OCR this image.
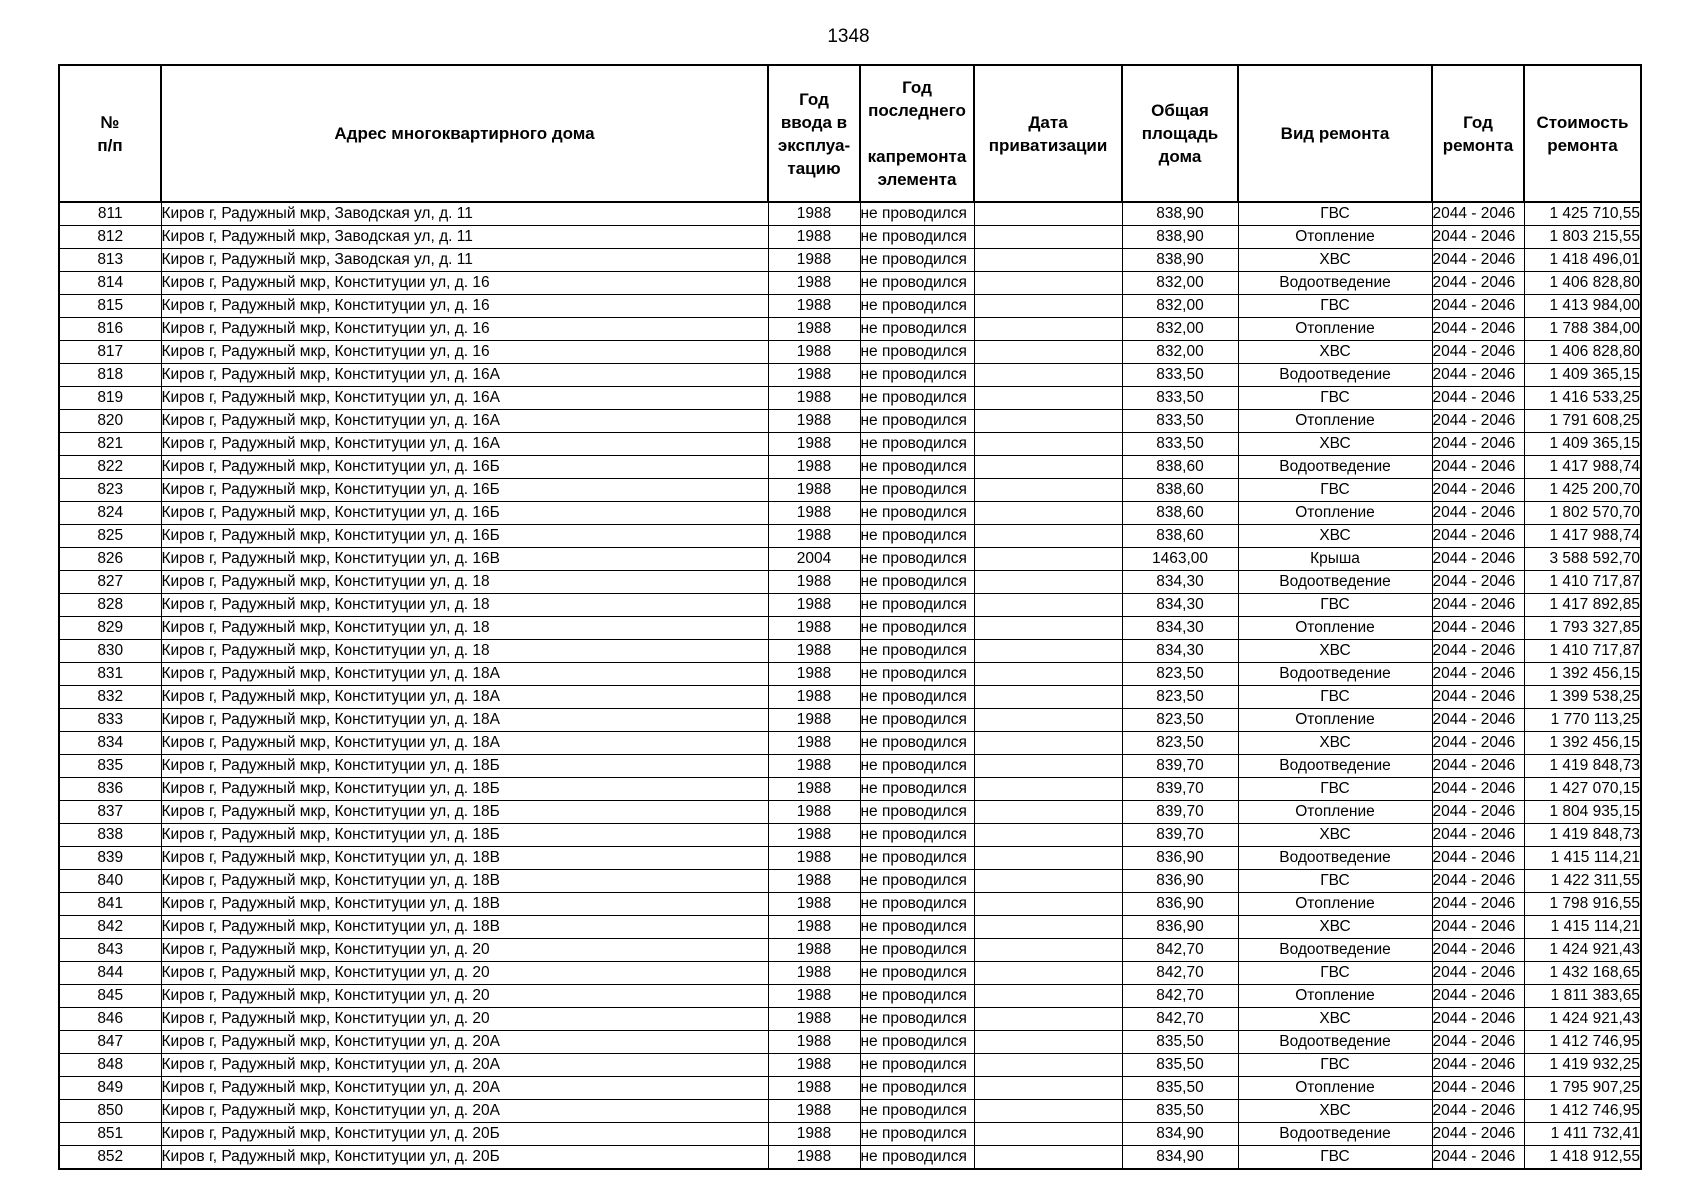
1348
№
п/п	Адрес многоквартирного дома	Год
ввода в
эксплуа-
тацию	Год
последнего

капремонта
элемента	Дата
приватизации	Общая
площадь
дома	Вид ремонта	Год
ремонта	Стоимость
ремонта

811	Киров г, Радужный мкр, Заводская ул, д. 11	1988	не проводился		838,90	ГВС	2044 - 2046	1 425 710,55
812	Киров г, Радужный мкр, Заводская ул, д. 11	1988	не проводился		838,90	Отопление	2044 - 2046	1 803 215,55
813	Киров г, Радужный мкр, Заводская ул, д. 11	1988	не проводился		838,90	ХВС	2044 - 2046	1 418 496,01
814	Киров г, Радужный мкр, Конституции ул, д. 16	1988	не проводился		832,00	Водоотведение	2044 - 2046	1 406 828,80
815	Киров г, Радужный мкр, Конституции ул, д. 16	1988	не проводился		832,00	ГВС	2044 - 2046	1 413 984,00
816	Киров г, Радужный мкр, Конституции ул, д. 16	1988	не проводился		832,00	Отопление	2044 - 2046	1 788 384,00
817	Киров г, Радужный мкр, Конституции ул, д. 16	1988	не проводился		832,00	ХВС	2044 - 2046	1 406 828,80
818	Киров г, Радужный мкр, Конституции ул, д. 16А	1988	не проводился		833,50	Водоотведение	2044 - 2046	1 409 365,15
819	Киров г, Радужный мкр, Конституции ул, д. 16А	1988	не проводился		833,50	ГВС	2044 - 2046	1 416 533,25
820	Киров г, Радужный мкр, Конституции ул, д. 16А	1988	не проводился		833,50	Отопление	2044 - 2046	1 791 608,25
821	Киров г, Радужный мкр, Конституции ул, д. 16А	1988	не проводился		833,50	ХВС	2044 - 2046	1 409 365,15
822	Киров г, Радужный мкр, Конституции ул, д. 16Б	1988	не проводился		838,60	Водоотведение	2044 - 2046	1 417 988,74
823	Киров г, Радужный мкр, Конституции ул, д. 16Б	1988	не проводился		838,60	ГВС	2044 - 2046	1 425 200,70
824	Киров г, Радужный мкр, Конституции ул, д. 16Б	1988	не проводился		838,60	Отопление	2044 - 2046	1 802 570,70
825	Киров г, Радужный мкр, Конституции ул, д. 16Б	1988	не проводился		838,60	ХВС	2044 - 2046	1 417 988,74
826	Киров г, Радужный мкр, Конституции ул, д. 16В	2004	не проводился		1463,00	Крыша	2044 - 2046	3 588 592,70
827	Киров г, Радужный мкр, Конституции ул, д. 18	1988	не проводился		834,30	Водоотведение	2044 - 2046	1 410 717,87
828	Киров г, Радужный мкр, Конституции ул, д. 18	1988	не проводился		834,30	ГВС	2044 - 2046	1 417 892,85
829	Киров г, Радужный мкр, Конституции ул, д. 18	1988	не проводился		834,30	Отопление	2044 - 2046	1 793 327,85
830	Киров г, Радужный мкр, Конституции ул, д. 18	1988	не проводился		834,30	ХВС	2044 - 2046	1 410 717,87
831	Киров г, Радужный мкр, Конституции ул, д. 18А	1988	не проводился		823,50	Водоотведение	2044 - 2046	1 392 456,15
832	Киров г, Радужный мкр, Конституции ул, д. 18А	1988	не проводился		823,50	ГВС	2044 - 2046	1 399 538,25
833	Киров г, Радужный мкр, Конституции ул, д. 18А	1988	не проводился		823,50	Отопление	2044 - 2046	1 770 113,25
834	Киров г, Радужный мкр, Конституции ул, д. 18А	1988	не проводился		823,50	ХВС	2044 - 2046	1 392 456,15
835	Киров г, Радужный мкр, Конституции ул, д. 18Б	1988	не проводился		839,70	Водоотведение	2044 - 2046	1 419 848,73
836	Киров г, Радужный мкр, Конституции ул, д. 18Б	1988	не проводился		839,70	ГВС	2044 - 2046	1 427 070,15
837	Киров г, Радужный мкр, Конституции ул, д. 18Б	1988	не проводился		839,70	Отопление	2044 - 2046	1 804 935,15
838	Киров г, Радужный мкр, Конституции ул, д. 18Б	1988	не проводился		839,70	ХВС	2044 - 2046	1 419 848,73
839	Киров г, Радужный мкр, Конституции ул, д. 18В	1988	не проводился		836,90	Водоотведение	2044 - 2046	1 415 114,21
840	Киров г, Радужный мкр, Конституции ул, д. 18В	1988	не проводился		836,90	ГВС	2044 - 2046	1 422 311,55
841	Киров г, Радужный мкр, Конституции ул, д. 18В	1988	не проводился		836,90	Отопление	2044 - 2046	1 798 916,55
842	Киров г, Радужный мкр, Конституции ул, д. 18В	1988	не проводился		836,90	ХВС	2044 - 2046	1 415 114,21
843	Киров г, Радужный мкр, Конституции ул, д. 20	1988	не проводился		842,70	Водоотведение	2044 - 2046	1 424 921,43
844	Киров г, Радужный мкр, Конституции ул, д. 20	1988	не проводился		842,70	ГВС	2044 - 2046	1 432 168,65
845	Киров г, Радужный мкр, Конституции ул, д. 20	1988	не проводился		842,70	Отопление	2044 - 2046	1 811 383,65
846	Киров г, Радужный мкр, Конституции ул, д. 20	1988	не проводился		842,70	ХВС	2044 - 2046	1 424 921,43
847	Киров г, Радужный мкр, Конституции ул, д. 20А	1988	не проводился		835,50	Водоотведение	2044 - 2046	1 412 746,95
848	Киров г, Радужный мкр, Конституции ул, д. 20А	1988	не проводился		835,50	ГВС	2044 - 2046	1 419 932,25
849	Киров г, Радужный мкр, Конституции ул, д. 20А	1988	не проводился		835,50	Отопление	2044 - 2046	1 795 907,25
850	Киров г, Радужный мкр, Конституции ул, д. 20А	1988	не проводился		835,50	ХВС	2044 - 2046	1 412 746,95
851	Киров г, Радужный мкр, Конституции ул, д. 20Б	1988	не проводился		834,90	Водоотведение	2044 - 2046	1 411 732,41
852	Киров г, Радужный мкр, Конституции ул, д. 20Б	1988	не проводился		834,90	ГВС	2044 - 2046	1 418 912,55
